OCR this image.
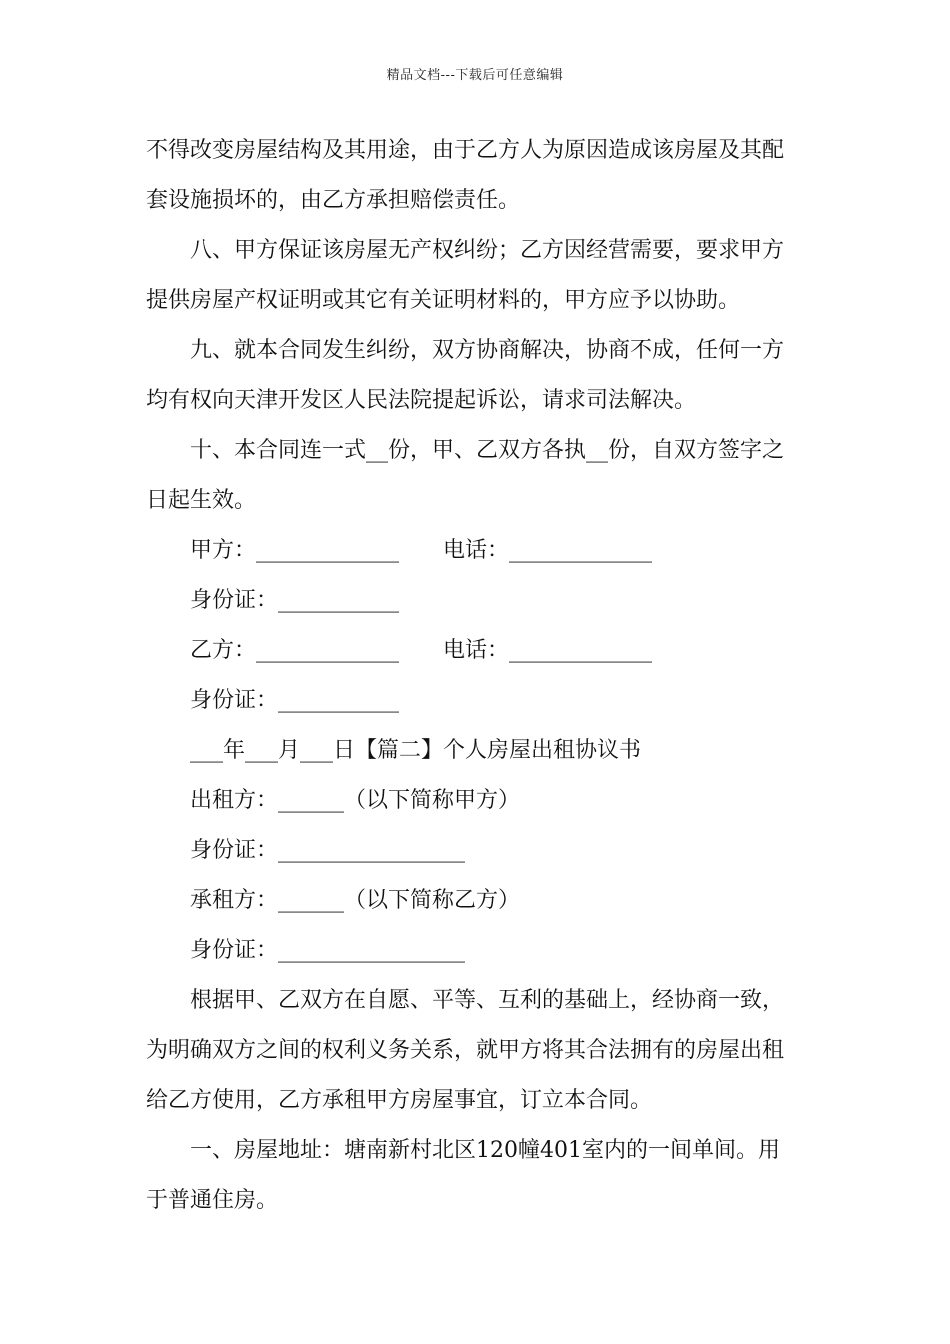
精品文档---下载后可任意编辑
不得改变房屋结构及其用途，由于乙方人为原因造成该房屋及其配
套设施损坏的，由乙方承担赔偿责任。
八、甲方保证该房屋无产权纠纷；乙方因经营需要，要求甲方
提供房屋产权证明或其它有关证明材料的，甲方应予以协助。
九、就本合同发生纠纷，双方协商解决，协商不成，任何一方
均有权向天津开发区人民法院提起诉讼，请求司法解决。
十、本合同连一式__份，甲、乙双方各执__份，自双方签字之
日起生效。
甲方：_____________　　电话：_____________
身份证：___________
乙方：_____________　　电话：_____________
身份证：___________
___年___月___日【篇二】个人房屋出租协议书
出租方：______（以下简称甲方）
身份证：_________________
承租方：______（以下简称乙方）
身份证：_________________
根据甲、乙双方在自愿、平等、互利的基础上，经协商一致，
为明确双方之间的权利义务关系，就甲方将其合法拥有的房屋出租
给乙方使用，乙方承租甲方房屋事宜，订立本合同。
一、房屋地址：塘南新村北区120幢401室内的一间单间。用
于普通住房。
